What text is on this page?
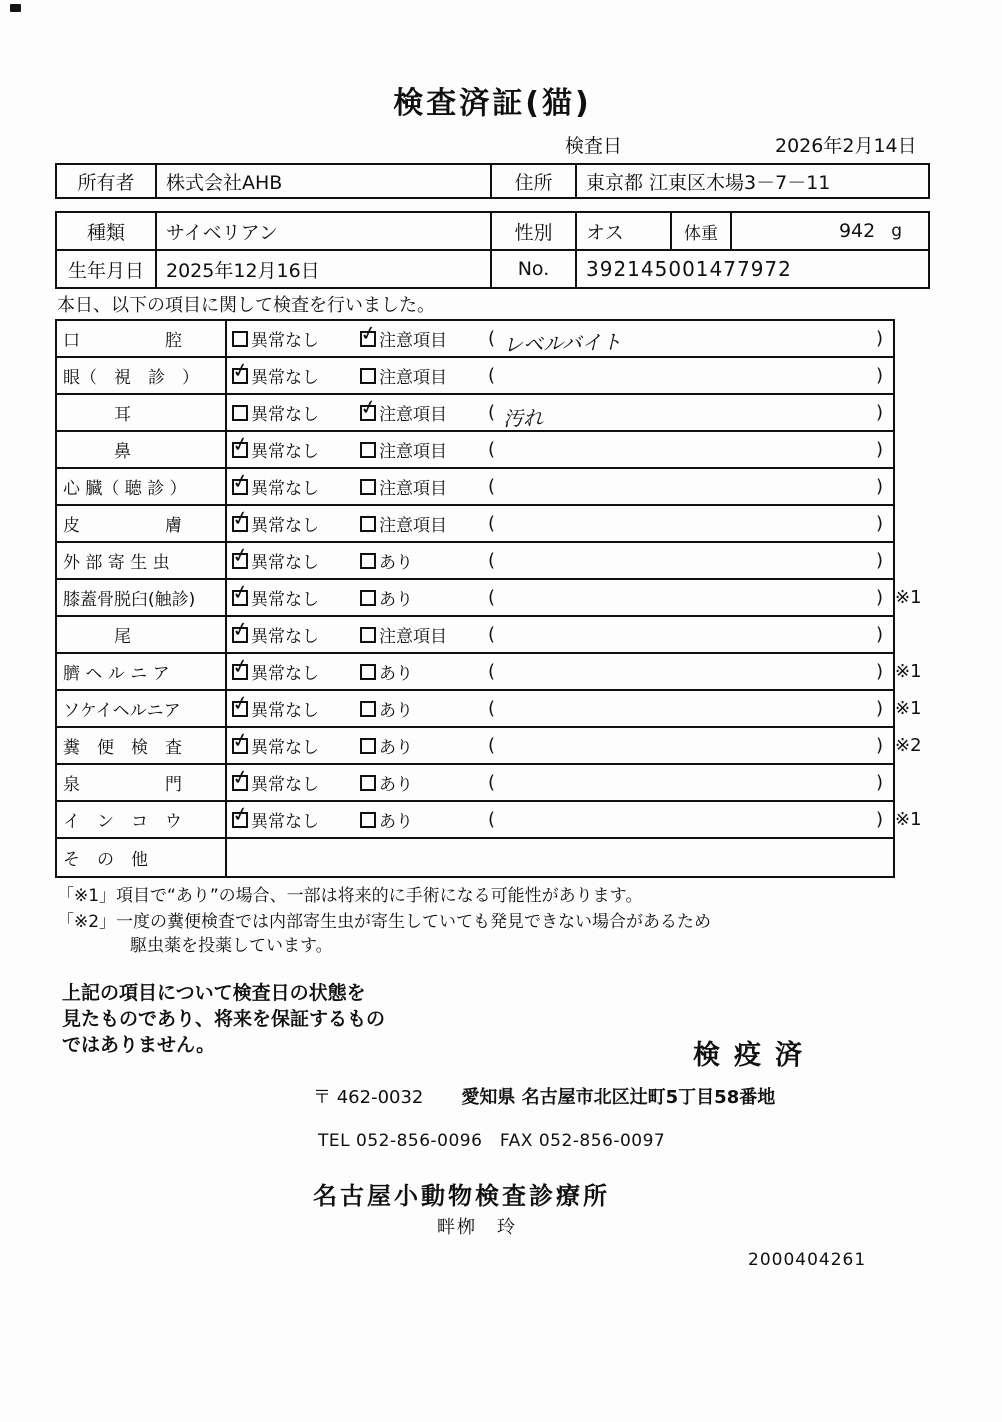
検査済証(猫)
検査日	2026年2月14日
所有者	株式会社AHB	住所	東京都 江東区木場3－7－11
種類	サイベリアン	性別	オス	体重	942 g
生年月日	2025年12月16日	No.	392145001477972
本日、以下の項目に関して検査を行いました。
口　　　　　腔	異常なし ✓	注意項目 ( レベルバイト	)
眼（　視　診　） ✓	異常なし	注意項目 (	)
　　　耳	異常なし ✓	注意項目 ( 汚れ	)
　　　鼻 ✓	異常なし	注意項目 (	)
心 臓（ 聴 診 ） ✓	異常なし	注意項目 (	)
皮　　　　　膚 ✓	異常なし	注意項目 (	)
外 部 寄 生 虫 ✓	異常なし	あり	(	)
膝蓋骨脱臼(触診) ✓	異常なし	あり	(	) ※1
　　　尾 ✓	異常なし	注意項目 (	)
臍 ヘ ル ニ ア ✓	異常なし	あり	(	) ※1
ソケイヘルニア ✓	異常なし	あり	(	) ※1
糞　便　検　査 ✓	異常なし	あり	(	) ※2
泉　　　　　門 ✓	異常なし	あり	(	)
イ　ン　コ　ウ ✓	異常なし	あり	(	) ※1
そ　の　他
「※1」項目で“あり”の場合、一部は将来的に手術になる可能性があります。
「※2」一度の糞便検査では内部寄生虫が寄生していても発見できない場合があるため
駆虫薬を投薬しています。
上記の項目について検査日の状態を
見たものであり、将来を保証するもの
ではありません。	検疫済
〒 462-0032 愛知県 名古屋市北区辻町5丁目58番地
TEL 052-856-0096　FAX 052-856-0097
名古屋小動物検査診療所
畔栁　玲
2000404261
